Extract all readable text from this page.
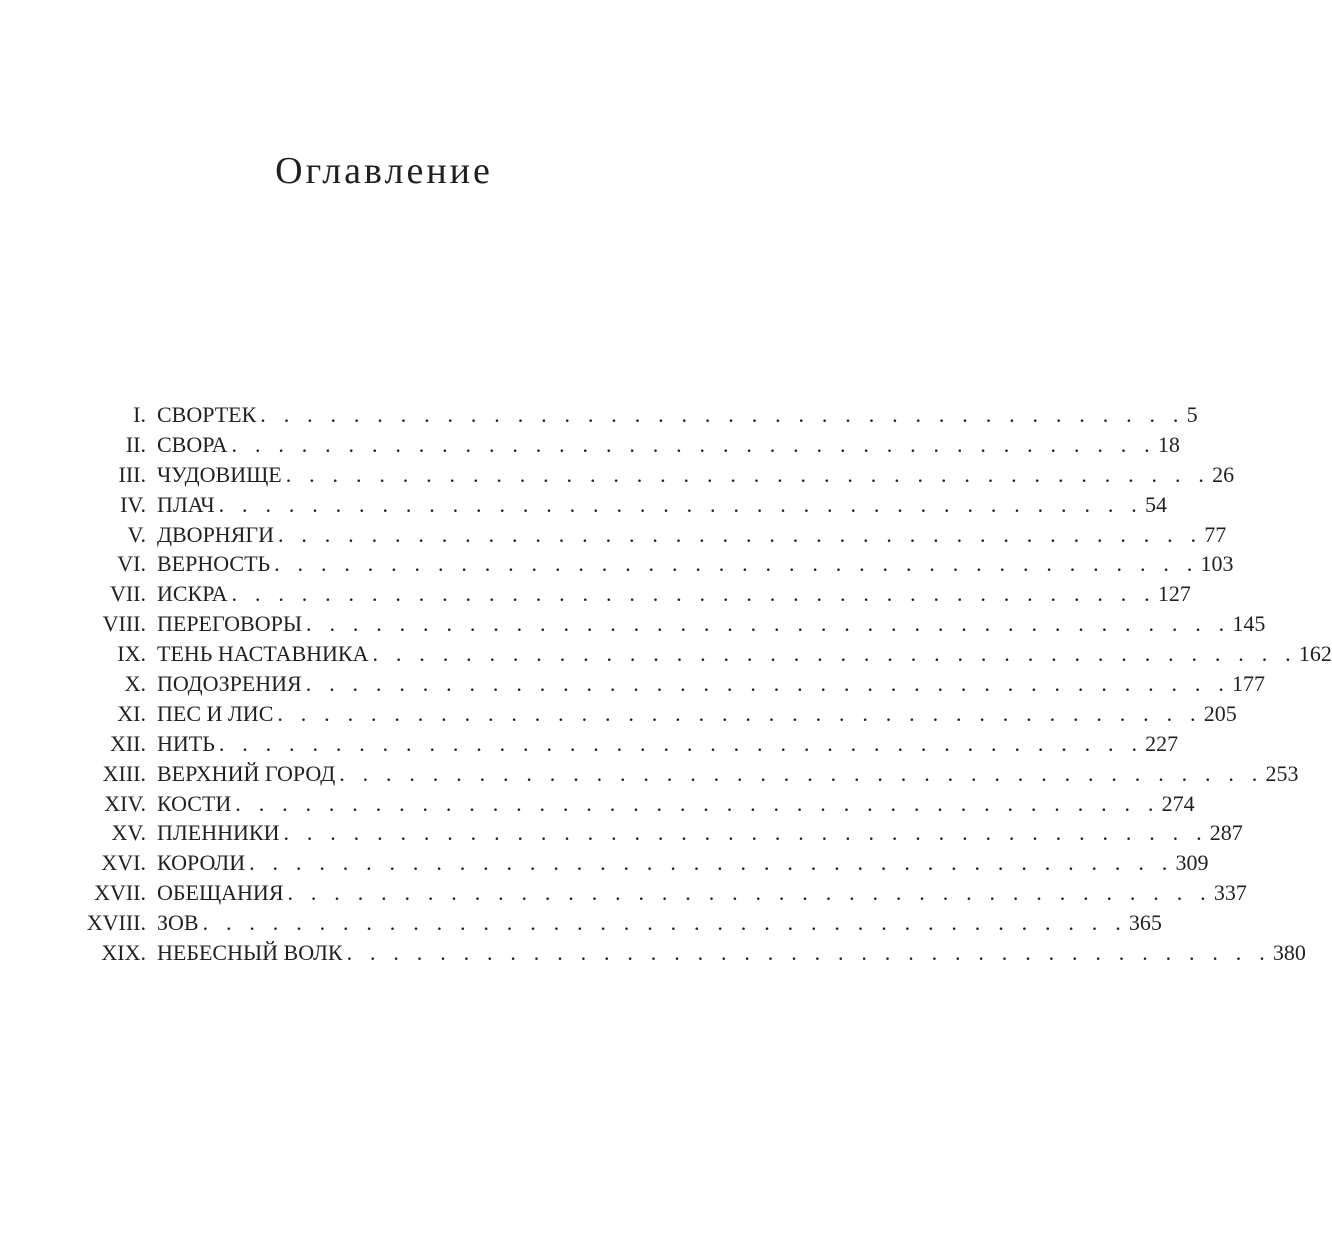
Оглавление
I. СВОРТЕК . . . . . . . . . . . . . . . . . . . . . . . . . . . . . . . . . . . . . . . . 5
II. СВОРА . . . . . . . . . . . . . . . . . . . . . . . . . . . . . . . . . . . . . . . . 18
III. ЧУДОВИЩЕ . . . . . . . . . . . . . . . . . . . . . . . . . . . . . . . . . . . . . . . . 26
IV. ПЛАЧ . . . . . . . . . . . . . . . . . . . . . . . . . . . . . . . . . . . . . . . . 54
V. ДВОРНЯГИ . . . . . . . . . . . . . . . . . . . . . . . . . . . . . . . . . . . . . . . . 77
VI. ВЕРНОСТЬ . . . . . . . . . . . . . . . . . . . . . . . . . . . . . . . . . . . . . . . . 103
VII. ИСКРА . . . . . . . . . . . . . . . . . . . . . . . . . . . . . . . . . . . . . . . . 127
VIII. ПЕРЕГОВОРЫ . . . . . . . . . . . . . . . . . . . . . . . . . . . . . . . . . . . . . . . . 145
IX. ТЕНЬ НАСТАВНИКА . . . . . . . . . . . . . . . . . . . . . . . . . . . . . . . . . . . . . . . . 162
X. ПОДОЗРЕНИЯ . . . . . . . . . . . . . . . . . . . . . . . . . . . . . . . . . . . . . . . . 177
XI. ПЕС И ЛИС . . . . . . . . . . . . . . . . . . . . . . . . . . . . . . . . . . . . . . . . 205
XII. НИТЬ . . . . . . . . . . . . . . . . . . . . . . . . . . . . . . . . . . . . . . . . 227
XIII. ВЕРХНИЙ ГОРОД . . . . . . . . . . . . . . . . . . . . . . . . . . . . . . . . . . . . . . . . 253
XIV. КОСТИ . . . . . . . . . . . . . . . . . . . . . . . . . . . . . . . . . . . . . . . . 274
XV. ПЛЕННИКИ . . . . . . . . . . . . . . . . . . . . . . . . . . . . . . . . . . . . . . . . 287
XVI. КОРОЛИ . . . . . . . . . . . . . . . . . . . . . . . . . . . . . . . . . . . . . . . . 309
XVII. ОБЕЩАНИЯ . . . . . . . . . . . . . . . . . . . . . . . . . . . . . . . . . . . . . . . . 337
XVIII. ЗОВ . . . . . . . . . . . . . . . . . . . . . . . . . . . . . . . . . . . . . . . . 365
XIX. НЕБЕСНЫЙ ВОЛК . . . . . . . . . . . . . . . . . . . . . . . . . . . . . . . . . . . . . . . . 380
